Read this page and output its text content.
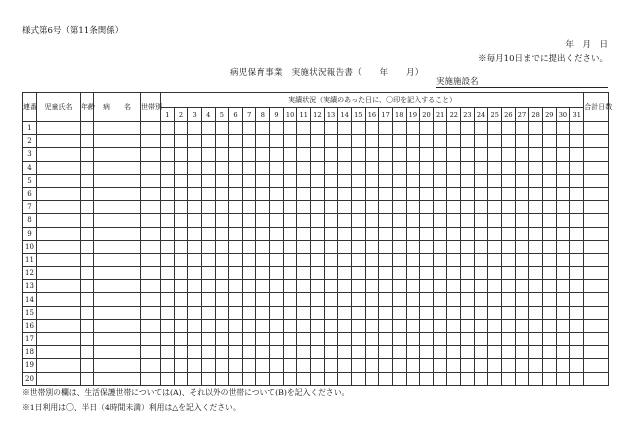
様式第6号（第11条関係）
年　月　日
※毎月10日までに提出ください。
病児保育事業　実施状況報告書（　　年　　月）
実施施設名
連番	児童氏名	年齢	病　　名	世帯別	実績状況（実績のあった日に、〇印を記入すること）																															合計日数
					1	2	3	4	5	6	7	8	9	10	11	12	13	14	15	16	17	18	19	20	21	22	23	24	25	26	27	28	29	30	31	
1																																				
2																																				
3																																				
4																																				
5																																				
6																																				
7																																				
8																																				
9																																				
10																																				
11																																				
12																																				
13																																				
14																																				
15																																				
16																																				
17																																				
18																																				
19																																				
20																																				
※世帯別の欄は、生活保護世帯については(A)、それ以外の世帯について(B)を記入ください。
※1日利用は〇、半日（4時間未満）利用は△を記入ください。
